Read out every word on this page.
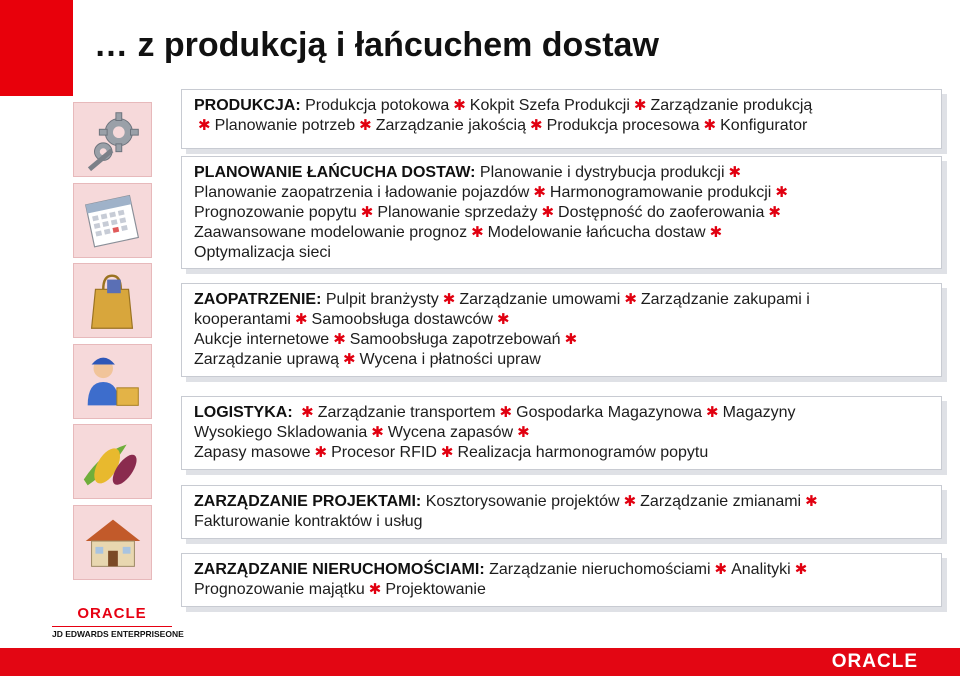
… z produkcją i łańcuchem dostaw
PRODUKCJA: Produkcja potokowa ✱ Kokpit Szefa Produkcji ✱ Zarządzanie produkcją
✱ Planowanie potrzeb ✱ Zarządzanie jakością ✱ Produkcja procesowa ✱ Konfigurator
PLANOWANIE ŁAŃCUCHA DOSTAW: Planowanie i dystrybucja produkcji ✱
Planowanie zaopatrzenia i ładowanie pojazdów ✱ Harmonogramowanie produkcji ✱
Prognozowanie popytu ✱ Planowanie sprzedaży ✱ Dostępność do zaoferowania ✱
Zaawansowane modelowanie prognoz ✱ Modelowanie łańcucha dostaw ✱
Optymalizacja sieci
ZAOPATRZENIE: Pulpit branżysty ✱ Zarządzanie umowami ✱ Zarządzanie zakupami i
kooperantami ✱ Samoobsługa dostawców ✱
Aukcje internetowe ✱ Samoobsługa zapotrzebowań ✱
Zarządzanie uprawą ✱ Wycena i płatności upraw
LOGISTYKA: ✱ Zarządzanie transportem ✱ Gospodarka Magazynowa ✱ Magazyny
Wysokiego Skladowania ✱ Wycena zapasów ✱
Zapasy masowe ✱ Procesor RFID ✱ Realizacja harmonogramów popytu
ZARZĄDZANIE PROJEKTAMI: Kosztorysowanie projektów ✱ Zarządzanie zmianami ✱
Fakturowanie kontraktów i usług
ZARZĄDZANIE NIERUCHOMOŚCIAMI: Zarządzanie nieruchomościami ✱ Analityki ✱
Prognozowanie majątku ✱ Projektowanie
ORACLE
JD EDWARDS ENTERPRISEONE
ORACLE
